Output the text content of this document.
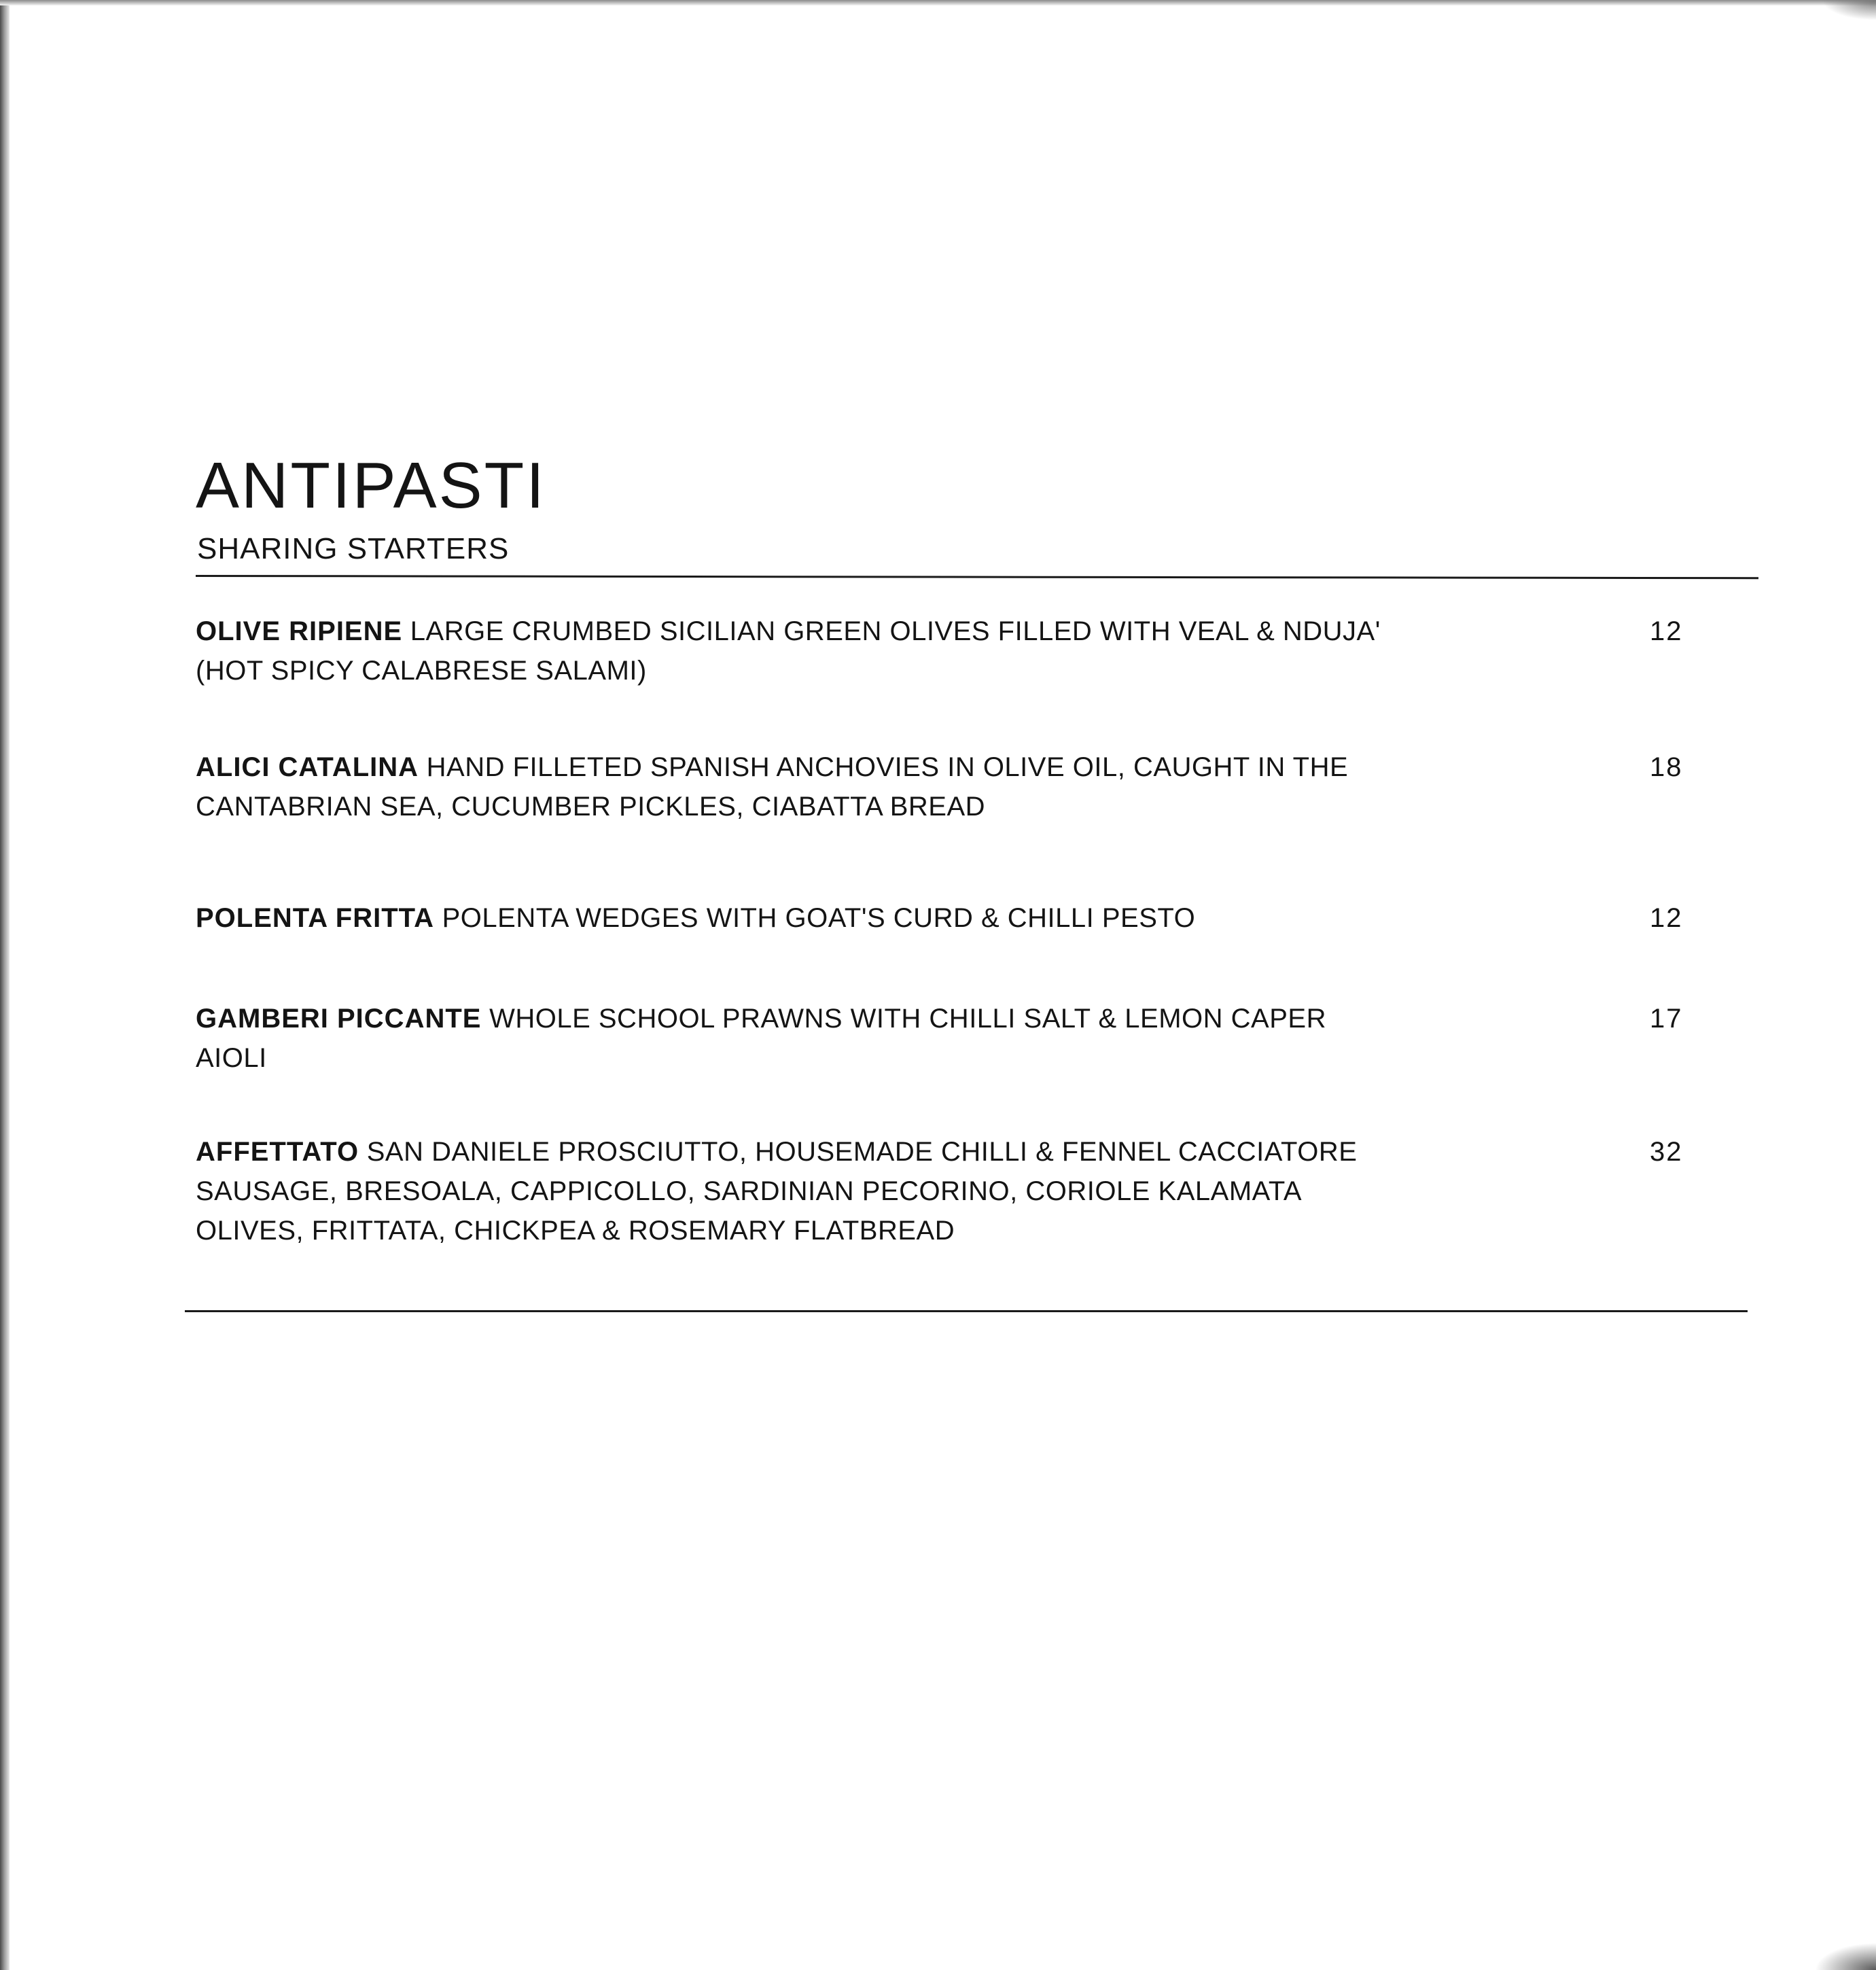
ANTIPASTI
SHARING STARTERS
OLIVE RIPIENE LARGE CRUMBED SICILIAN GREEN OLIVES FILLED WITH VEAL & NDUJA' (HOT SPICY CALABRESE SALAMI)
12
ALICI CATALINA HAND FILLETED SPANISH ANCHOVIES IN OLIVE OIL, CAUGHT IN THE CANTABRIAN SEA, CUCUMBER PICKLES, CIABATTA BREAD
18
POLENTA FRITTA POLENTA WEDGES WITH GOAT'S CURD & CHILLI PESTO	12
GAMBERI PICCANTE WHOLE SCHOOL PRAWNS WITH CHILLI SALT & LEMON CAPER AIOLI
17
AFFETTATO SAN DANIELE PROSCIUTTO, HOUSEMADE CHILLI & FENNEL CACCIATORE SAUSAGE, BRESOALA, CAPPICOLLO, SARDINIAN PECORINO, CORIOLE KALAMATA OLIVES, FRITTATA, CHICKPEA & ROSEMARY FLATBREAD
32
